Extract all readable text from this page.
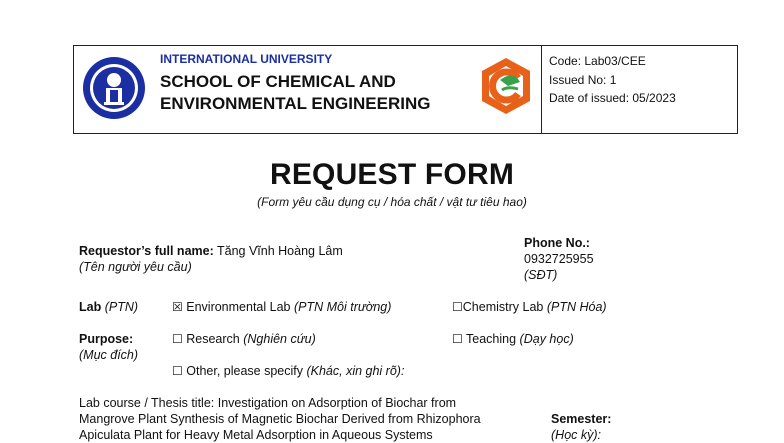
INTERNATIONAL UNIVERSITY
SCHOOL OF CHEMICAL AND
ENVIRONMENTAL ENGINEERING
Code: Lab03/CEE
Issued No: 1
Date of issued: 05/2023
REQUEST FORM
(Form yêu cầu dụng cụ / hóa chất / vật tư tiêu hao)
Requestor’s full name: Tăng Vĩnh Hoàng Lâm
(Tên người yêu cầu)
Phone No.:
0932725955
(SĐT)
Lab (PTN)	☒ Environmental Lab (PTN Môi trường)	☐Chemistry Lab (PTN Hóa)
Purpose:
(Mục đích)
☐ Research (Nghiên cứu)	☐ Teaching (Dạy học)
☐ Other, please specify (Khác, xin ghi rõ):
Lab course / Thesis title: Investigation on Adsorption of Biochar from
Mangrove Plant Synthesis of Magnetic Biochar Derived from Rhizophora
Apiculata Plant for Heavy Metal Adsorption in Aqueous Systems
Semester:
(Học kỳ):
